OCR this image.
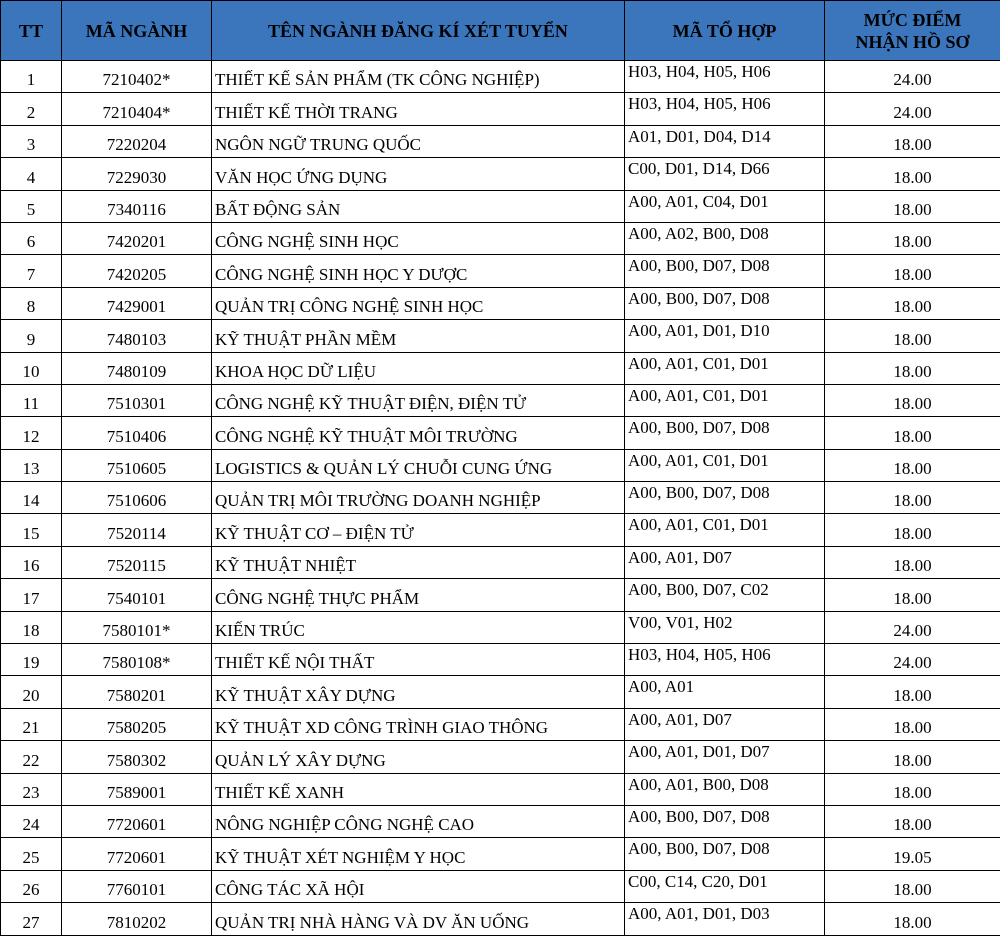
TT	MÃ NGÀNH	TÊN NGÀNH ĐĂNG KÍ XÉT TUYỂN	MÃ TỔ HỢP	MỨC ĐIỂM
NHẬN HỒ SƠ

1	7210402*	THIẾT KẾ SẢN PHẨM (TK CÔNG NGHIỆP)	H03, H04, H05, H06	24.00
2	7210404*	THIẾT KẾ THỜI TRANG	H03, H04, H05, H06	24.00
3	7220204	NGÔN NGỮ TRUNG QUỐC	A01, D01, D04, D14	18.00
4	7229030	VĂN HỌC ỨNG DỤNG	C00, D01, D14, D66	18.00
5	7340116	BẤT ĐỘNG SẢN	A00, A01, C04, D01	18.00
6	7420201	CÔNG NGHỆ SINH HỌC	A00, A02, B00, D08	18.00
7	7420205	CÔNG NGHỆ SINH HỌC Y DƯỢC	A00, B00, D07, D08	18.00
8	7429001	QUẢN TRỊ CÔNG NGHỆ SINH HỌC	A00, B00, D07, D08	18.00
9	7480103	KỸ THUẬT PHẦN MỀM	A00, A01, D01, D10	18.00
10	7480109	KHOA HỌC DỮ LIỆU	A00, A01, C01, D01	18.00
11	7510301	CÔNG NGHỆ KỸ THUẬT ĐIỆN, ĐIỆN TỬ	A00, A01, C01, D01	18.00
12	7510406	CÔNG NGHỆ KỸ THUẬT MÔI TRƯỜNG	A00, B00, D07, D08	18.00
13	7510605	LOGISTICS & QUẢN LÝ CHUỖI CUNG ỨNG	A00, A01, C01, D01	18.00
14	7510606	QUẢN TRỊ MÔI TRƯỜNG DOANH NGHIỆP	A00, B00, D07, D08	18.00
15	7520114	KỸ THUẬT CƠ – ĐIỆN TỬ	A00, A01, C01, D01	18.00
16	7520115	KỸ THUẬT NHIỆT	A00, A01, D07	18.00
17	7540101	CÔNG NGHỆ THỰC PHẨM	A00, B00, D07, C02	18.00
18	7580101*	KIẾN TRÚC	V00, V01, H02	24.00
19	7580108*	THIẾT KẾ NỘI THẤT	H03, H04, H05, H06	24.00
20	7580201	KỸ THUẬT XÂY DỰNG	A00, A01	18.00
21	7580205	KỸ THUẬT XD CÔNG TRÌNH GIAO THÔNG	A00, A01, D07	18.00
22	7580302	QUẢN LÝ XÂY DỰNG	A00, A01, D01, D07	18.00
23	7589001	THIẾT KẾ XANH	A00, A01, B00, D08	18.00
24	7720601	NÔNG NGHIỆP CÔNG NGHỆ CAO	A00, B00, D07, D08	18.00
25	7720601	KỸ THUẬT XÉT NGHIỆM Y HỌC	A00, B00, D07, D08	19.05
26	7760101	CÔNG TÁC XÃ HỘI	C00, C14, C20, D01	18.00
27	7810202	QUẢN TRỊ NHÀ HÀNG VÀ DV ĂN UỐNG	A00, A01, D01, D03	18.00
